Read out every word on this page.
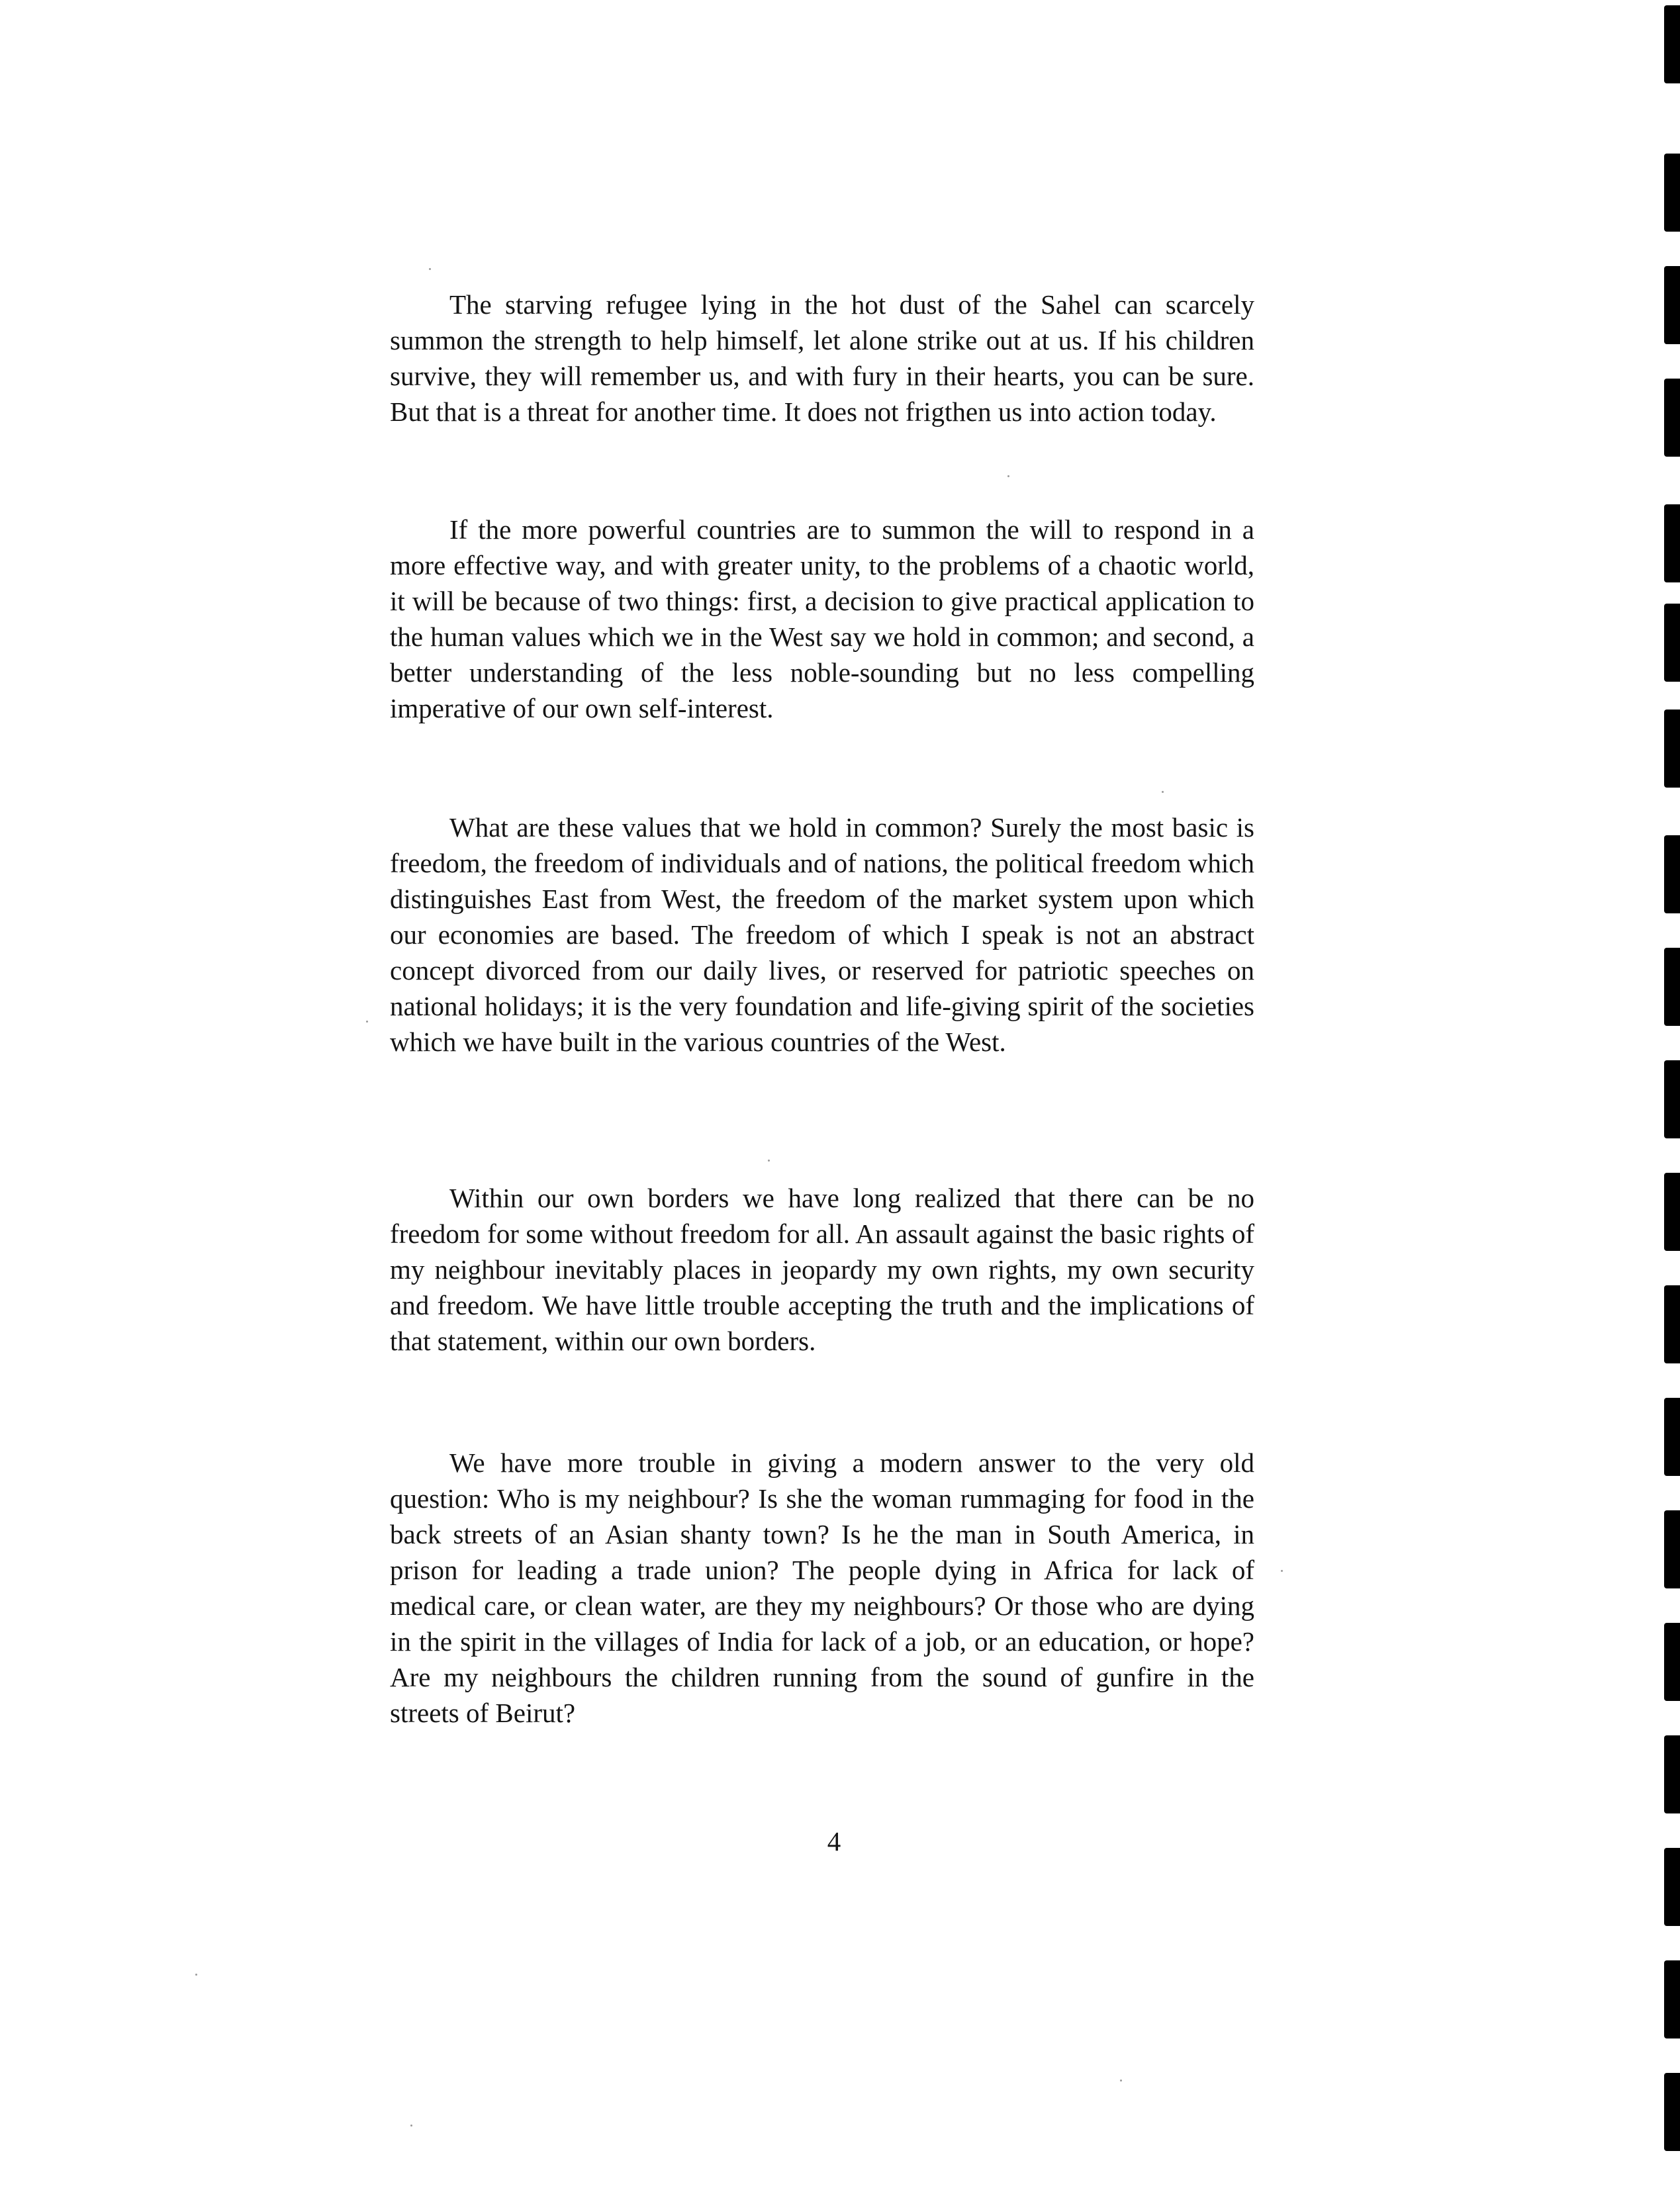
The starving refugee lying in the hot dust of the Sahel can scarcely summon the strength to help himself, let alone strike out at us. If his children survive, they will remember us, and with fury in their hearts, you can be sure. But that is a threat for another time. It does not frigthen us into action today.

If the more powerful countries are to summon the will to respond in a more effective way, and with greater unity, to the problems of a chaotic world, it will be because of two things: first, a decision to give practical application to the human values which we in the West say we hold in common; and second, a better understanding of the less noble-sounding but no less compelling imperative of our own self-interest.

What are these values that we hold in common? Surely the most basic is freedom, the freedom of individuals and of nations, the political freedom which distinguishes East from West, the freedom of the market system upon which our economies are based. The freedom of which I speak is not an abstract concept divorced from our daily lives, or reserved for patriotic speeches on national holidays; it is the very foundation and life-giving spirit of the societies which we have built in the various countries of the West.

Within our own borders we have long realized that there can be no freedom for some without freedom for all. An assault against the basic rights of my neighbour inevitably places in jeopardy my own rights, my own security and freedom. We have little trouble accepting the truth and the implications of that statement, within our own borders.

We have more trouble in giving a modern answer to the very old question: Who is my neighbour? Is she the woman rummaging for food in the back streets of an Asian shanty town? Is he the man in South America, in prison for leading a trade union? The people dying in Africa for lack of medical care, or clean water, are they my neighbours? Or those who are dying in the spirit in the villages of India for lack of a job, or an education, or hope? Are my neighbours the children running from the sound of gunfire in the streets of Beirut?

4
